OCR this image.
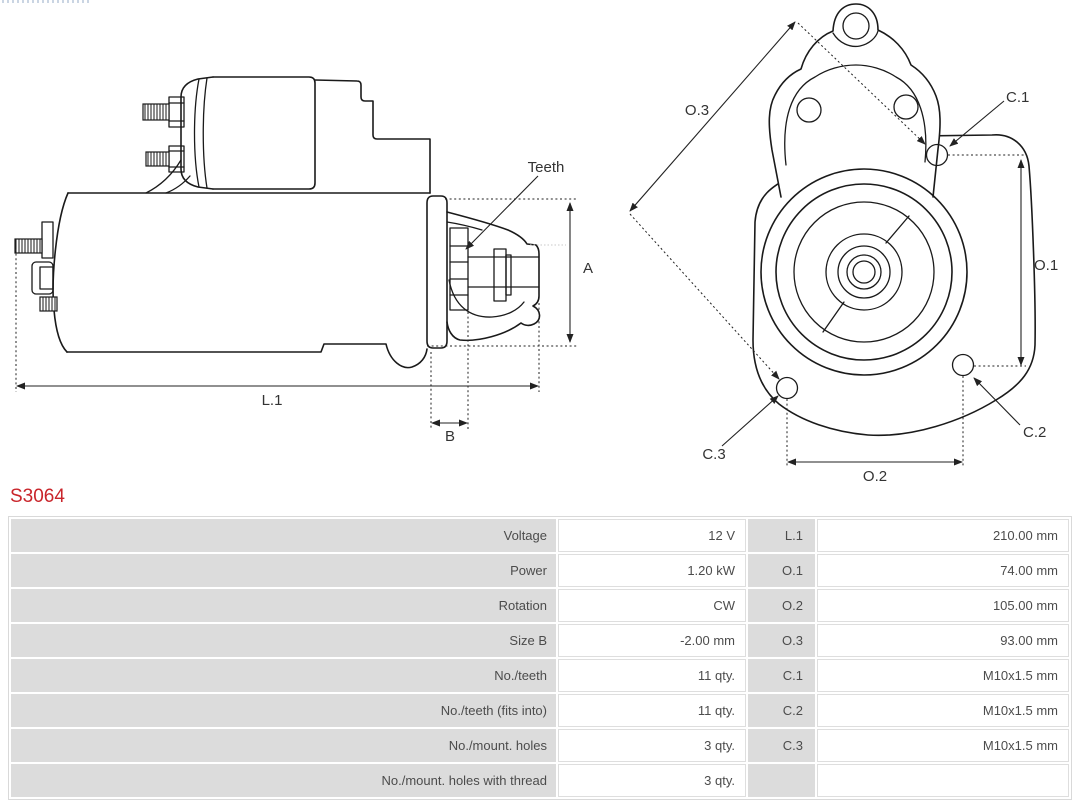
Teeth
A
L.1
B
O.3
C.1
O.1
C.2
C.3
O.2
S3064
Voltage	12 V	L.1	210.00 mm
Power	1.20 kW	O.1	74.00 mm
Rotation	CW	O.2	105.00 mm
Size B	-2.00 mm	O.3	93.00 mm
No./teeth	11 qty.	C.1	M10x1.5 mm
No./teeth (fits into)	11 qty.	C.2	M10x1.5 mm
No./mount. holes	3 qty.	C.3	M10x1.5 mm
No./mount. holes with thread	3 qty.		
